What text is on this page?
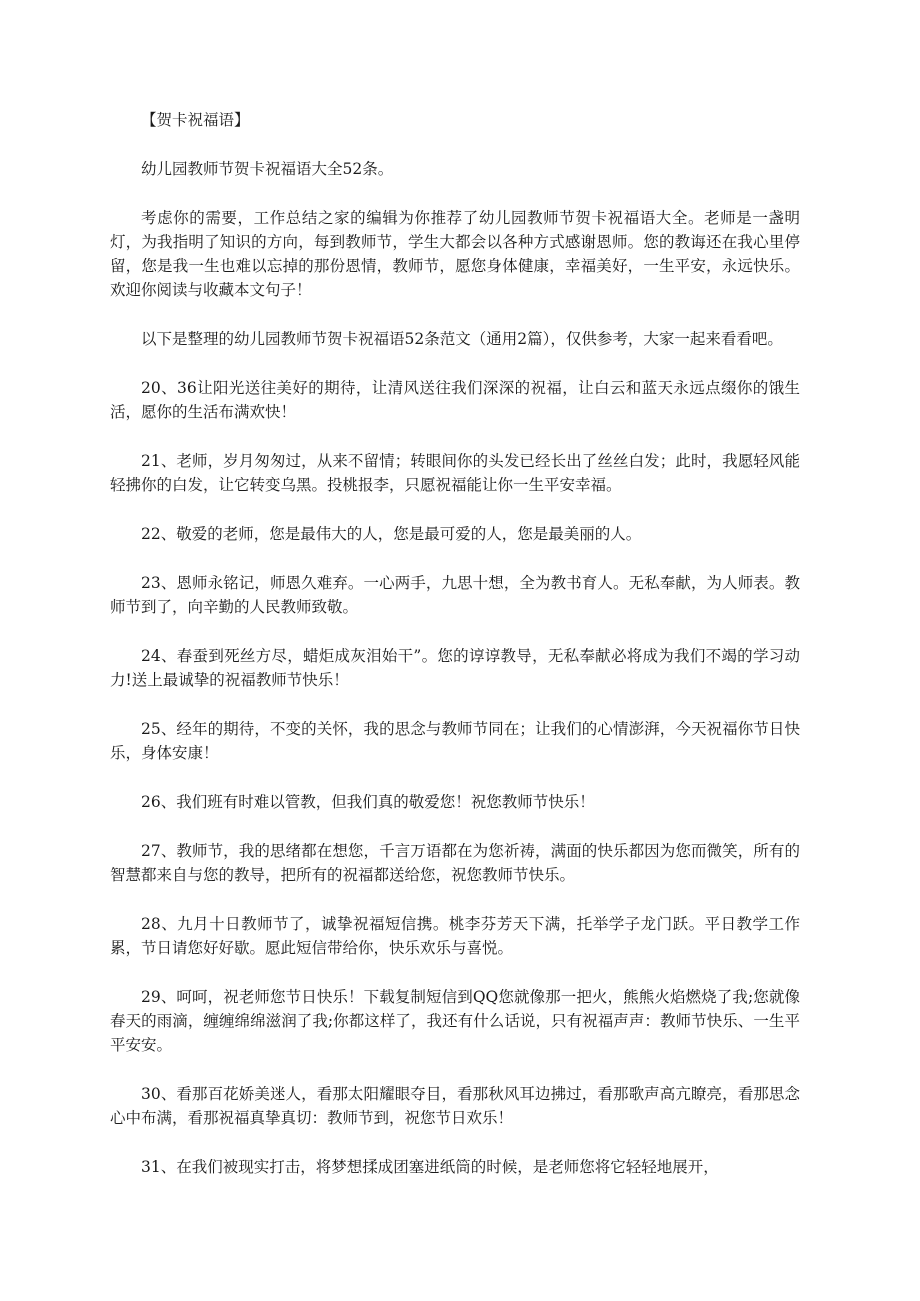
【贺卡祝福语】

幼儿园教师节贺卡祝福语大全52条。

考虑你的需要，工作总结之家的编辑为你推荐了幼儿园教师节贺卡祝福语大全。老师是一盏明灯，为我指明了知识的方向，每到教师节，学生大都会以各种方式感谢恩师。您的教诲还在我心里停留，您是我一生也难以忘掉的那份恩情，教师节，愿您身体健康，幸福美好，一生平安，永远快乐。欢迎你阅读与收藏本文句子！

以下是整理的幼儿园教师节贺卡祝福语52条范文（通用2篇），仅供参考，大家一起来看看吧。

20、36让阳光送往美好的期待，让清风送往我们深深的祝福，让白云和蓝天永远点缀你的饿生活，愿你的生活布满欢快！

21、老师，岁月匆匆过，从来不留情；转眼间你的头发已经长出了丝丝白发；此时，我愿轻风能轻拂你的白发，让它转变乌黑。投桃报李，只愿祝福能让你一生平安幸福。

22、敬爱的老师，您是最伟大的人，您是最可爱的人，您是最美丽的人。

23、恩师永铭记，师恩久难弃。一心两手，九思十想，全为教书育人。无私奉献，为人师表。教师节到了，向辛勤的人民教师致敬。

24、春蚕到死丝方尽，蜡炬成灰泪始干”。您的谆谆教导，无私奉献必将成为我们不竭的学习动力!送上最诚挚的祝福教师节快乐！

25、经年的期待，不变的关怀，我的思念与教师节同在；让我们的心情澎湃，今天祝福你节日快乐，身体安康！

26、我们班有时难以管教，但我们真的敬爱您！祝您教师节快乐！

27、教师节，我的思绪都在想您，千言万语都在为您祈祷，满面的快乐都因为您而微笑，所有的智慧都来自与您的教导，把所有的祝福都送给您，祝您教师节快乐。

28、九月十日教师节了，诚挚祝福短信携。桃李芬芳天下满，托举学子龙门跃。平日教学工作累，节日请您好好歇。愿此短信带给你，快乐欢乐与喜悦。

29、呵呵，祝老师您节日快乐！下载复制短信到QQ您就像那一把火，熊熊火焰燃烧了我;您就像春天的雨滴，缠缠绵绵滋润了我;你都这样了，我还有什么话说，只有祝福声声：教师节快乐、一生平平安安。

30、看那百花娇美迷人，看那太阳耀眼夺目，看那秋风耳边拂过，看那歌声高亢瞭亮，看那思念心中布满，看那祝福真挚真切：教师节到，祝您节日欢乐！

31、在我们被现实打击，将梦想揉成团塞进纸筒的时候，是老师您将它轻轻地展开，
